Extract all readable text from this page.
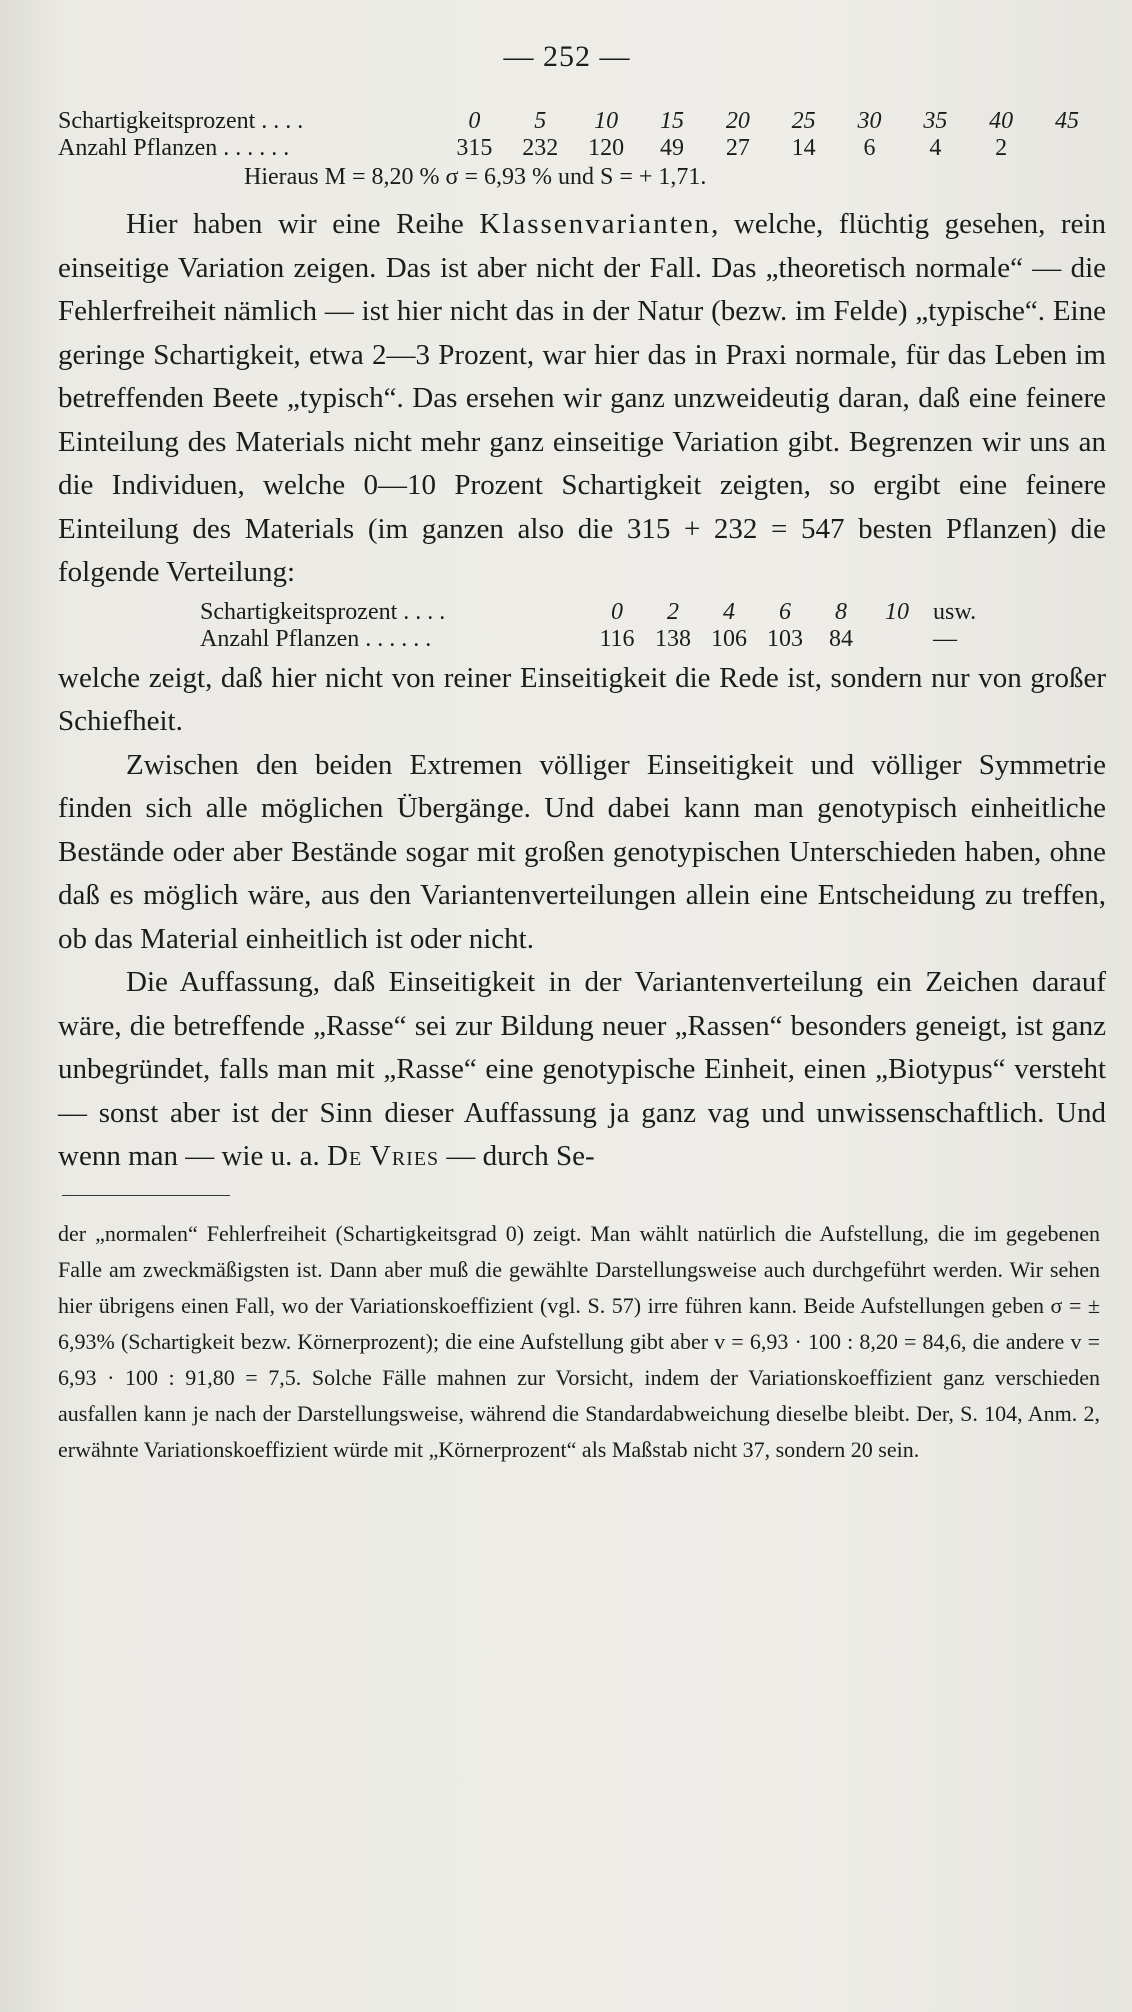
— 252 —
Schartigkeitsprozent . . . .	0	5	10	15	20	25	30	35	40	45
Anzahl Pflanzen . . . . . .	315	232	120	49	27	14	6	4	2	
Hieraus M = 8,20 % σ = 6,93 % und S = + 1,71.

Hier haben wir eine Reihe Klassenvarianten, welche, flüchtig gesehen, rein einseitige Variation zeigen. Das ist aber nicht der Fall. Das „theoretisch normale“ — die Fehlerfreiheit nämlich — ist hier nicht das in der Natur (bezw. im Felde) „typische“. Eine geringe Schartigkeit, etwa 2—3 Prozent, war hier das in Praxi normale, für das Leben im betreffenden Beete „typisch“. Das ersehen wir ganz unzweideutig daran, daß eine feinere Einteilung des Materials nicht mehr ganz einseitige Variation gibt. Begrenzen wir uns an die Individuen, welche 0—10 Prozent Schartigkeit zeigten, so ergibt eine feinere Einteilung des Materials (im ganzen also die 315 + 232 = 547 besten Pflanzen) die folgende Verteilung:

Schartigkeitsprozent . . . .	0	2	4	6	8	10	usw.
Anzahl Pflanzen . . . . . .	116	138	106	103	84		—

welche zeigt, daß hier nicht von reiner Einseitigkeit die Rede ist, sondern nur von großer Schiefheit.

Zwischen den beiden Extremen völliger Einseitigkeit und völliger Symmetrie finden sich alle möglichen Übergänge. Und dabei kann man genotypisch einheitliche Bestände oder aber Bestände sogar mit großen genotypischen Unterschieden haben, ohne daß es möglich wäre, aus den Variantenverteilungen allein eine Entscheidung zu treffen, ob das Material einheitlich ist oder nicht.

Die Auffassung, daß Einseitigkeit in der Variantenverteilung ein Zeichen darauf wäre, die betreffende „Rasse“ sei zur Bildung neuer „Rassen“ besonders geneigt, ist ganz unbegründet, falls man mit „Rasse“ eine genotypische Einheit, einen „Biotypus“ versteht — sonst aber ist der Sinn dieser Auffassung ja ganz vag und unwissenschaftlich. Und wenn man — wie u. a. De Vries — durch Se-

der „normalen“ Fehlerfreiheit (Schartigkeitsgrad 0) zeigt. Man wählt natürlich die Aufstellung, die im gegebenen Falle am zweckmäßigsten ist. Dann aber muß die gewählte Darstellungsweise auch durchgeführt werden. Wir sehen hier übrigens einen Fall, wo der Variationskoeffizient (vgl. S. 57) irre führen kann. Beide Aufstellungen geben σ = ± 6,93% (Schartigkeit bezw. Körnerprozent); die eine Aufstellung gibt aber v = 6,93 · 100 : 8,20 = 84,6, die andere v = 6,93 · 100 : 91,80 = 7,5. Solche Fälle mahnen zur Vorsicht, indem der Variationskoeffizient ganz verschieden ausfallen kann je nach der Darstellungsweise, während die Standardabweichung dieselbe bleibt. Der, S. 104, Anm. 2, erwähnte Variationskoeffizient würde mit „Körnerprozent“ als Maßstab nicht 37, sondern 20 sein.
